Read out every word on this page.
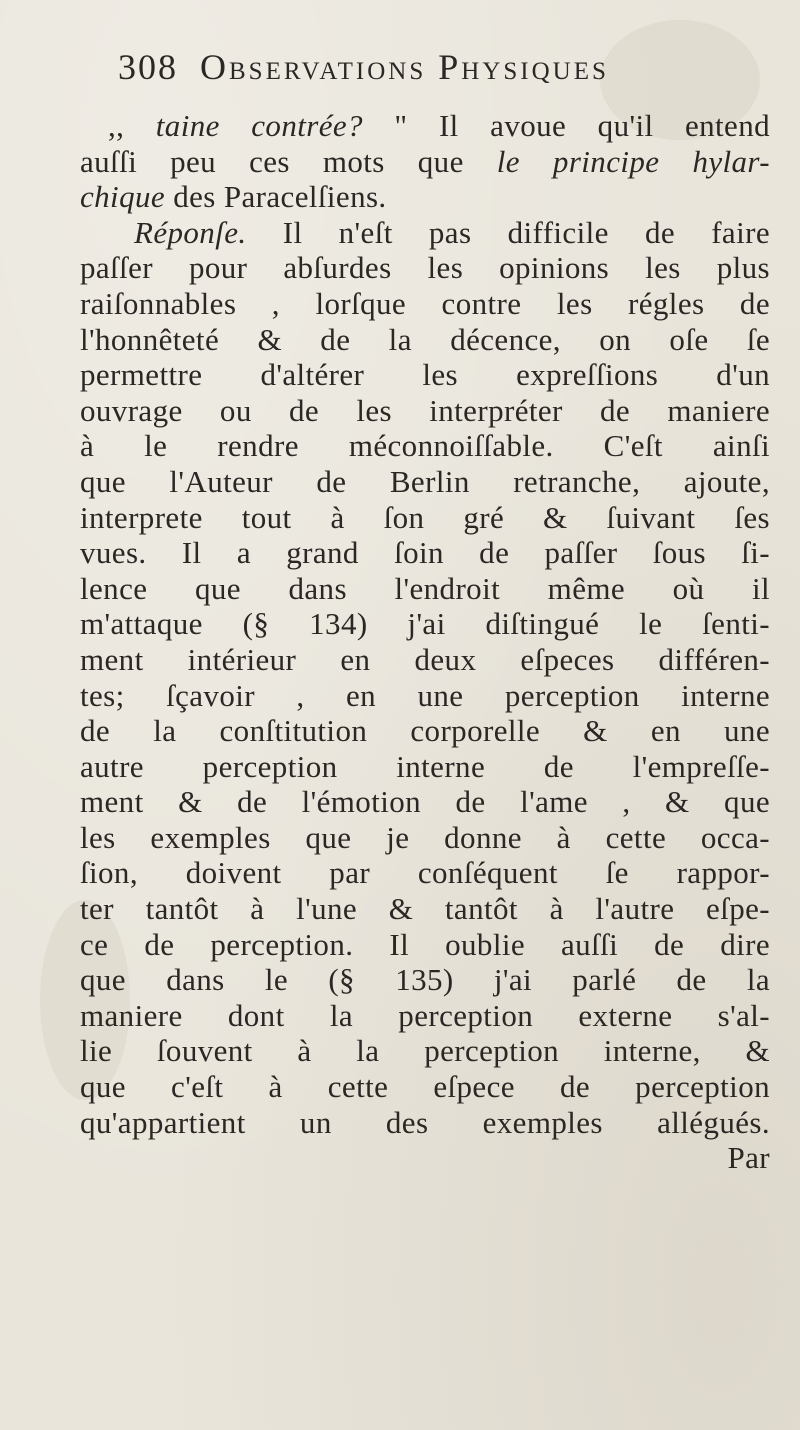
308 Observations Physiques
,, taine contrée? " Il avoue qu'il entend
auſſi peu ces mots que le principe hylar-
chique des Paracelſiens.
Réponſe. Il n'eſt pas difficile de faire
paſſer pour abſurdes les opinions les plus
raiſonnables , lorſque contre les régles de
l'honnêteté & de la décence, on oſe ſe
permettre d'altérer les expreſſions d'un
ouvrage ou de les interpréter de maniere
à le rendre méconnoiſſable. C'eſt ainſi
que l'Auteur de Berlin retranche, ajoute,
interprete tout à ſon gré & ſuivant ſes
vues. Il a grand ſoin de paſſer ſous ſi-
lence que dans l'endroit même où il
m'attaque (§ 134) j'ai diſtingué le ſenti-
ment intérieur en deux eſpeces différen-
tes; ſçavoir , en une perception interne
de la conſtitution corporelle & en une
autre perception interne de l'empreſſe-
ment & de l'émotion de l'ame , & que
les exemples que je donne à cette occa-
ſion, doivent par conſéquent ſe rappor-
ter tantôt à l'une & tantôt à l'autre eſpe-
ce de perception. Il oublie auſſi de dire
que dans le (§ 135) j'ai parlé de la
maniere dont la perception externe s'al-
lie ſouvent à la perception interne, &
que c'eſt à cette eſpece de perception
qu'appartient un des exemples allégués.
Par
